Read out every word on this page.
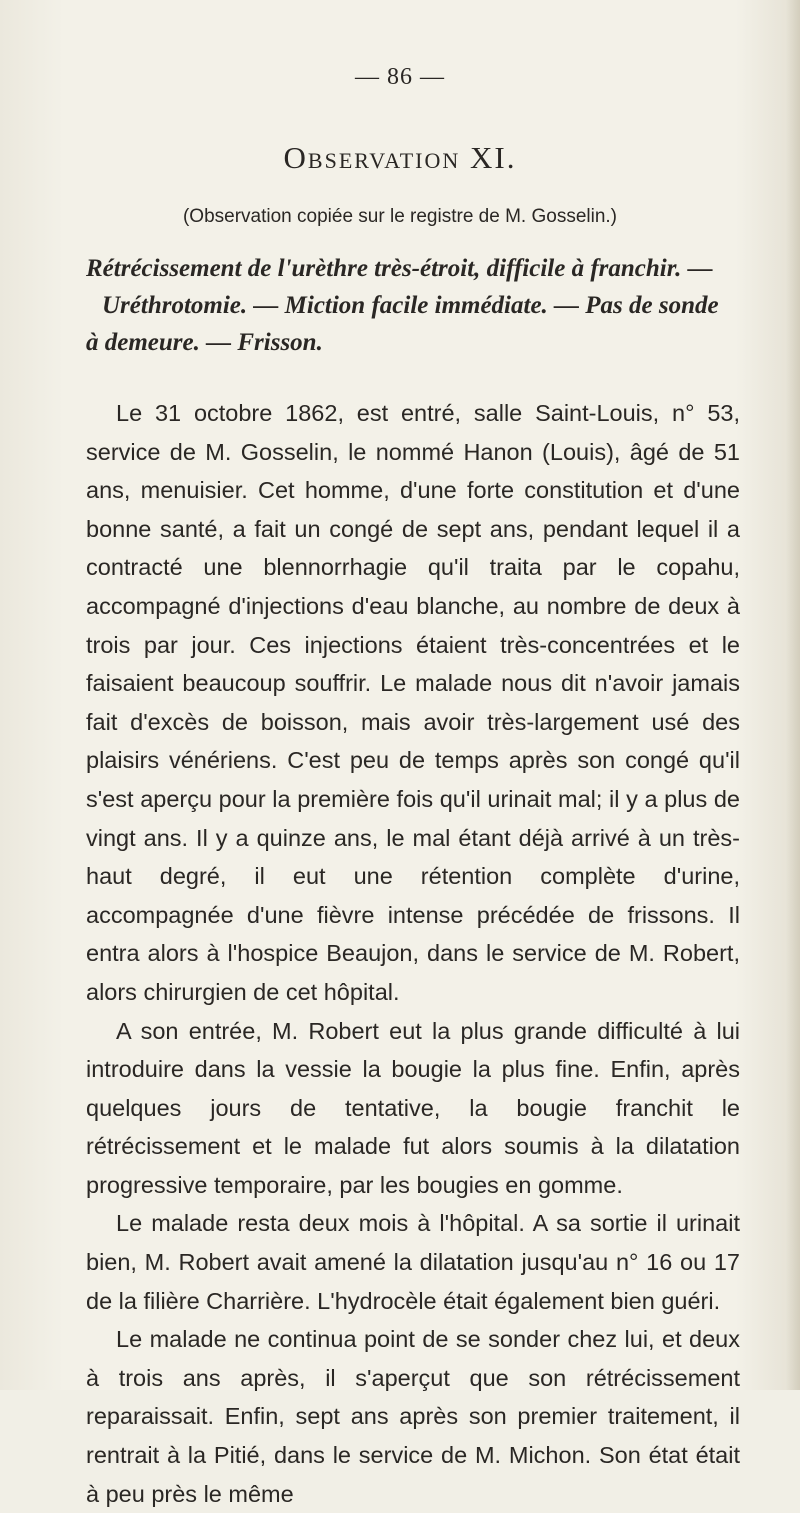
— 86 —
Observation XI.
(Observation copiée sur le registre de M. Gosselin.)
Rétrécissement de l'urèthre très-étroit, difficile à franchir. —
Uréthrotomie. — Miction facile immédiate. — Pas de sonde
à demeure. — Frisson.

Le 31 octobre 1862, est entré, salle Saint-Louis, n° 53, service de M. Gosselin, le nommé Hanon (Louis), âgé de 51 ans, menuisier. Cet homme, d'une forte constitution et d'une bonne santé, a fait un congé de sept ans, pendant lequel il a contracté une blennorrhagie qu'il traita par le copahu, accompagné d'injections d'eau blanche, au nombre de deux à trois par jour. Ces injections étaient très-concentrées et le faisaient beaucoup souffrir. Le malade nous dit n'avoir jamais fait d'excès de boisson, mais avoir très-largement usé des plaisirs vénériens. C'est peu de temps après son congé qu'il s'est aperçu pour la première fois qu'il urinait mal; il y a plus de vingt ans. Il y a quinze ans, le mal étant déjà arrivé à un très-haut degré, il eut une rétention complète d'urine, accompagnée d'une fièvre intense précédée de frissons. Il entra alors à l'hospice Beaujon, dans le service de M. Robert, alors chirurgien de cet hôpital.

A son entrée, M. Robert eut la plus grande difficulté à lui introduire dans la vessie la bougie la plus fine. Enfin, après quelques jours de tentative, la bougie franchit le rétrécissement et le malade fut alors soumis à la dilatation progressive temporaire, par les bougies en gomme.

Le malade resta deux mois à l'hôpital. A sa sortie il urinait bien, M. Robert avait amené la dilatation jusqu'au n° 16 ou 17 de la filière Charrière. L'hydrocèle était également bien guéri.

Le malade ne continua point de se sonder chez lui, et deux à trois ans après, il s'aperçut que son rétrécissement reparaissait. Enfin, sept ans après son premier traitement, il rentrait à la Pitié, dans le service de M. Michon. Son état était à peu près le même
